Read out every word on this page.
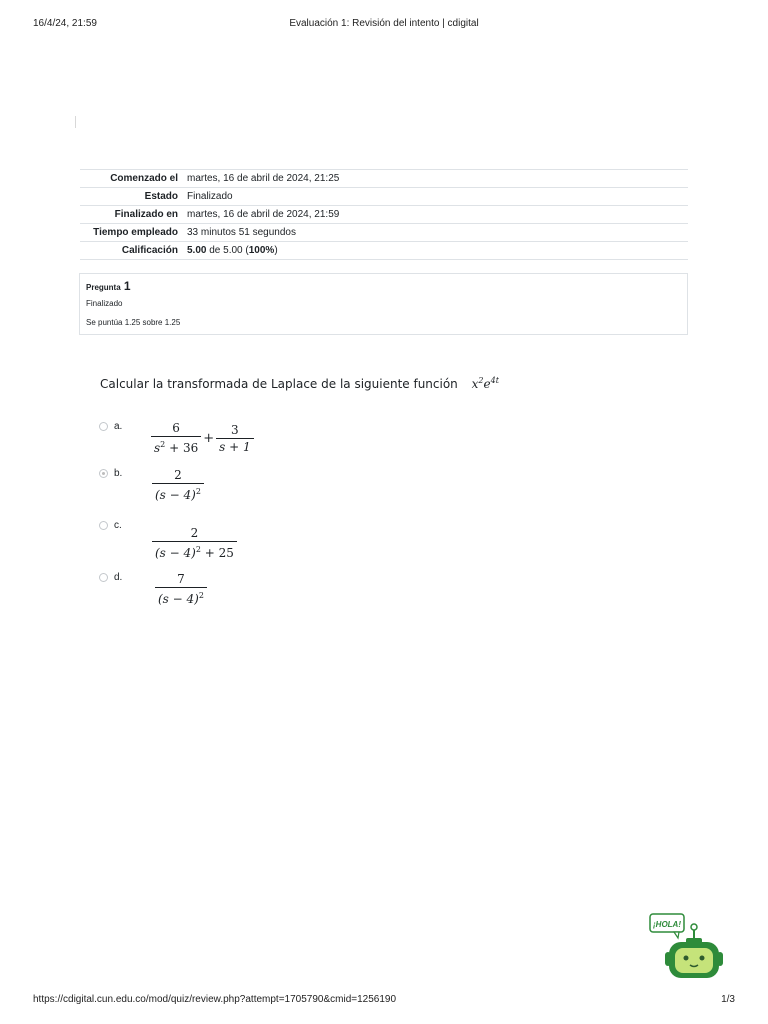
16/4/24, 21:59	Evaluación 1: Revisión del intento | cdigital
Comenzado el	martes, 16 de abril de 2024, 21:25
Estado	Finalizado
Finalizado en	martes, 16 de abril de 2024, 21:59
Tiempo empleado	33 minutos 51 segundos
Calificación	5.00 de 5.00 (100%)
Pregunta 1
Finalizado
Se puntúa 1.25 sobre 1.25
Calcular la transformada de Laplace de la siguiente función $x^2e^{4t}$
a.	$\frac{6}{s^2 + 36} + \frac{3}{s + 1}$
b.	$\frac{2}{(s - 4)^2}$
c.
$\frac{2}{(s - 4)^2 + 25}$
d.	$\frac{7}{(s - 4)^2}$
¡HOLA!
https://cdigital.cun.edu.co/mod/quiz/review.php?attempt=1705790&cmid=1256190	1/3
